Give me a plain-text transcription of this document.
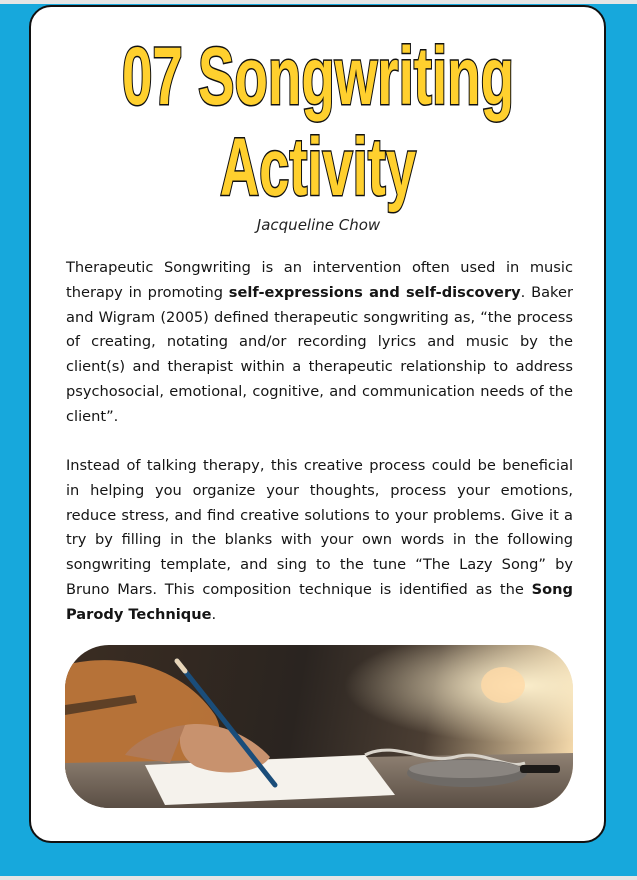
07 Songwriting
Activity

Jacqueline Chow

Therapeutic Songwriting is an intervention often used in music therapy in promoting self-expressions and self-discovery. Baker and Wigram (2005) defined therapeutic songwriting as, “the process of creating, notating and/or recording lyrics and music by the client(s) and therapist within a therapeutic relationship to address psychosocial, emotional, cognitive, and communication needs of the client”.

Instead of talking therapy, this creative process could be beneficial in helping you organize your thoughts, process your emotions, reduce stress, and find creative solutions to your problems. Give it a try by filling in the blanks with your own words in the following songwriting template, and sing to the tune “The Lazy Song” by Bruno Mars. This composition technique is identified as the Song Parody Technique.
